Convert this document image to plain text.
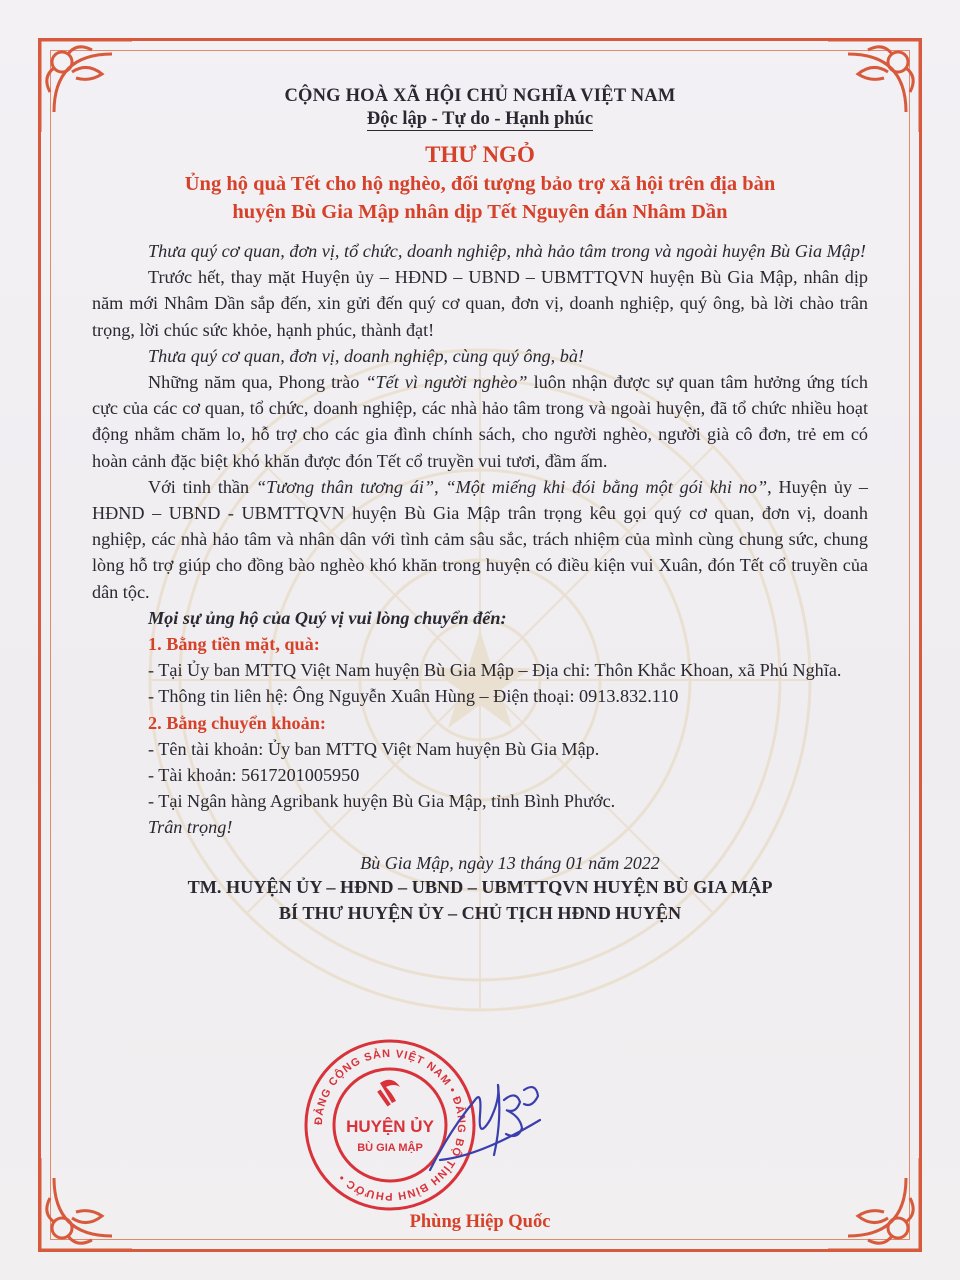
CỘNG HOÀ XÃ HỘI CHỦ NGHĨA VIỆT NAM
Độc lập - Tự do - Hạnh phúc
THƯ NGỎ
Ủng hộ quà Tết cho hộ nghèo, đối tượng bảo trợ xã hội trên địa bàn
huyện Bù Gia Mập nhân dịp Tết Nguyên đán Nhâm Dần

Thưa quý cơ quan, đơn vị, tổ chức, doanh nghiệp, nhà hảo tâm trong và ngoài huyện Bù Gia Mập!

Trước hết, thay mặt Huyện ủy – HĐND – UBND – UBMTTQVN huyện Bù Gia Mập, nhân dịp năm mới Nhâm Dần sắp đến, xin gửi đến quý cơ quan, đơn vị, doanh nghiệp, quý ông, bà lời chào trân trọng, lời chúc sức khỏe, hạnh phúc, thành đạt!

Thưa quý cơ quan, đơn vị, doanh nghiệp, cùng quý ông, bà!

Những năm qua, Phong trào “Tết vì người nghèo” luôn nhận được sự quan tâm hưởng ứng tích cực của các cơ quan, tổ chức, doanh nghiệp, các nhà hảo tâm trong và ngoài huyện, đã tổ chức nhiều hoạt động nhằm chăm lo, hỗ trợ cho các gia đình chính sách, cho người nghèo, người già cô đơn, trẻ em có hoàn cảnh đặc biệt khó khăn được đón Tết cổ truyền vui tươi, đầm ấm.

Với tinh thần “Tương thân tương ái”, “Một miếng khi đói bằng một gói khi no”, Huyện ủy – HĐND – UBND - UBMTTQVN huyện Bù Gia Mập trân trọng kêu gọi quý cơ quan, đơn vị, doanh nghiệp, các nhà hảo tâm và nhân dân với tình cảm sâu sắc, trách nhiệm của mình cùng chung sức, chung lòng hỗ trợ giúp cho đồng bào nghèo khó khăn trong huyện có điều kiện vui Xuân, đón Tết cổ truyền của dân tộc.

Mọi sự ủng hộ của Quý vị vui lòng chuyển đến:

1. Bằng tiền mặt, quà:

- Tại Ủy ban MTTQ Việt Nam huyện Bù Gia Mập – Địa chỉ: Thôn Khắc Khoan, xã Phú Nghĩa.

- Thông tin liên hệ: Ông Nguyễn Xuân Hùng – Điện thoại: 0913.832.110

2. Bằng chuyển khoản:

- Tên tài khoản: Ủy ban MTTQ Việt Nam huyện Bù Gia Mập.

- Tài khoản: 5617201005950

- Tại Ngân hàng Agribank huyện Bù Gia Mập, tỉnh Bình Phước.

Trân trọng!

Bù Gia Mập, ngày 13 tháng 01 năm 2022
TM. HUYỆN ỦY – HĐND – UBND – UBMTTQVN HUYỆN BÙ GIA MẬP
BÍ THƯ HUYỆN ỦY – CHỦ TỊCH HĐND HUYỆN
ĐẢNG CỘNG SẢN VIỆT NAM • ĐẢNG BỘ TỈNH BÌNH PHƯỚC •
HUYỆN ỦY
BÙ GIA MẬP
Phùng Hiệp Quốc
